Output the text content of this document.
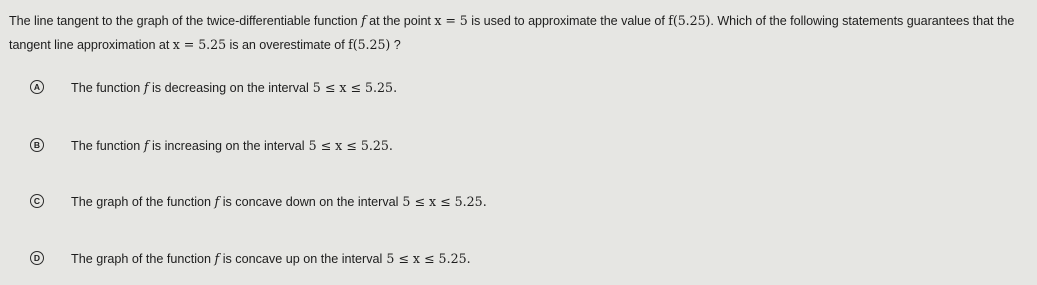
The line tangent to the graph of the twice-differentiable function f at the point x = 5 is used to approximate the value of f(5.25). Which of the following statements guarantees that the tangent line approximation at x = 5.25 is an overestimate of f(5.25) ?
A	The function f is decreasing on the interval 5 ≤ x ≤ 5.25.
B	The function f is increasing on the interval 5 ≤ x ≤ 5.25.
C	The graph of the function f is concave down on the interval 5 ≤ x ≤ 5.25.
D	The graph of the function f is concave up on the interval 5 ≤ x ≤ 5.25.
